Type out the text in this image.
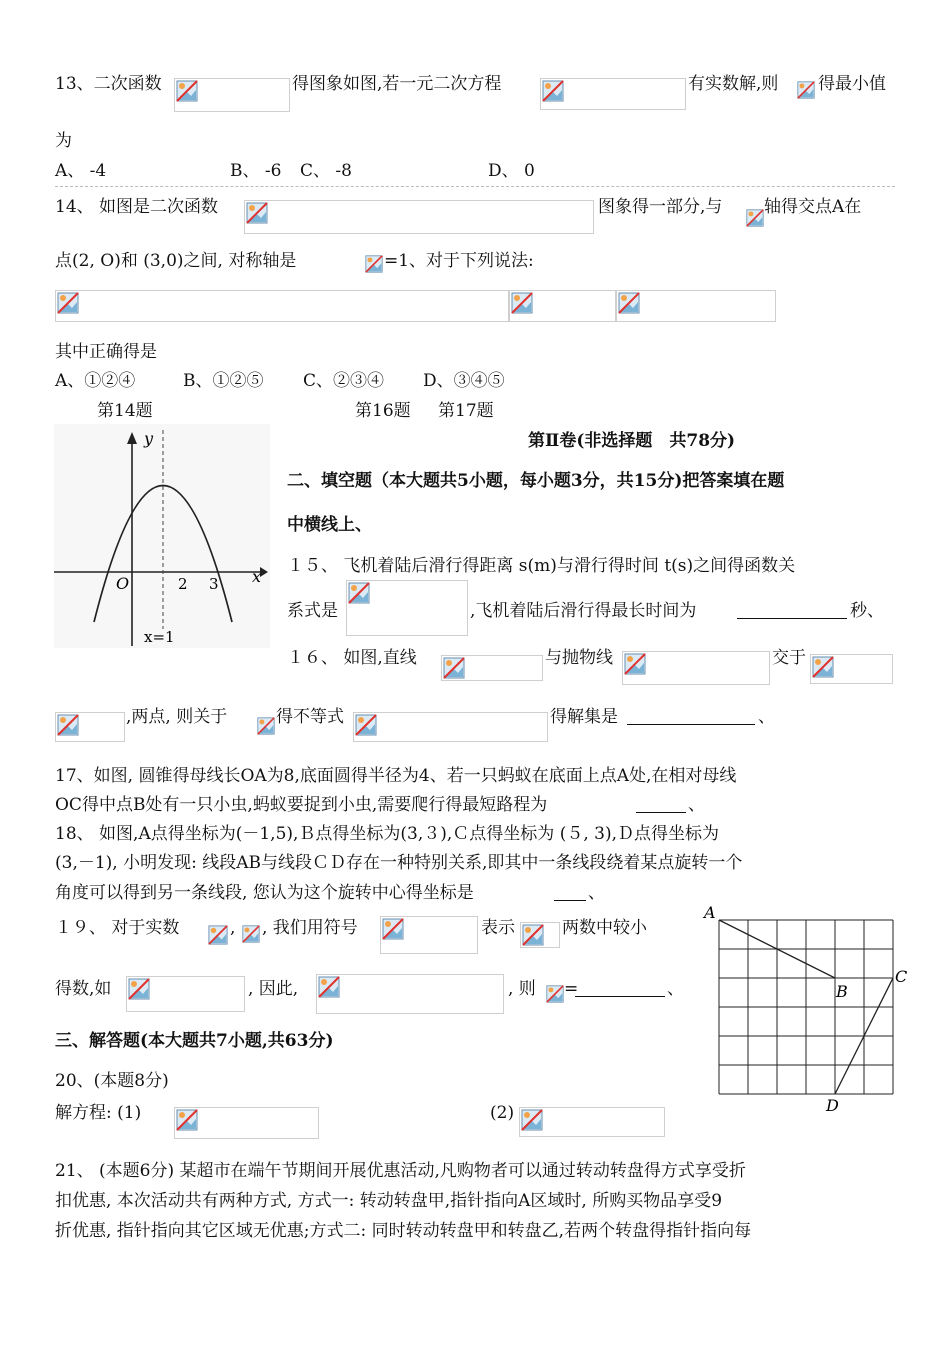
13、二次函数	得图象如图,若一元二次方程	有实数解,则 得最小值
为
A、 -4	B、 -6 C、 -8	D、 0
14、 如图是二次函数	图象得一部分,与 轴得交点A在
点(2, O)和 (3,0)之间, 对称轴是	=1、对于下列说法:
其中正确得是
A、①②④	B、①②⑤ C、②③④ D、③④⑤
第14题	第16题 第17题
y
x
O	2 3
x=1
第Ⅱ卷(非选择题　共78分)
二、填空题（本大题共5小题，每小题3分，共15分)把答案填在题
中横线上、
１５、 飞机着陆后滑行得距离 s(m)与滑行得时间 t(s)之间得函数关
系式是	,飞机着陆后滑行得最长时间为	秒、
１６、 如图,直线	与抛物线	交于
,两点, 则关于	得不等式	得解集是	、
17、如图, 圆锥得母线长OA为8,底面圆得半径为4、若一只蚂蚁在底面上点A处,在相对母线
OC得中点B处有一只小虫,蚂蚁要捉到小虫,需要爬行得最短路程为	、
18、 如图,A点得坐标为(－1,5),Ｂ点得坐标为(3,３),Ｃ点得坐标为 (５, 3),Ｄ点得坐标为
(3,－1), 小明发现: 线段AB与线段ＣＤ存在一种特别关系,即其中一条线段绕着某点旋转一个
角度可以得到另一条线段, 您认为这个旋转中心得坐标是	、
１９、 对于实数	, , 我们用符号	表示	两数中较小
得数,如	, 因此,	, 则 =	、
A
B
C
D
三、解答题(本大题共7小题,共63分)
20、(本题8分)
解方程: (1)	(2)
21、 (本题6分) 某超市在端午节期间开展优惠活动,凡购物者可以通过转动转盘得方式享受折
扣优惠, 本次活动共有两种方式, 方式一: 转动转盘甲,指针指向A区域时, 所购买物品享受9
折优惠, 指针指向其它区域无优惠;方式二: 同时转动转盘甲和转盘乙,若两个转盘得指针指向每
